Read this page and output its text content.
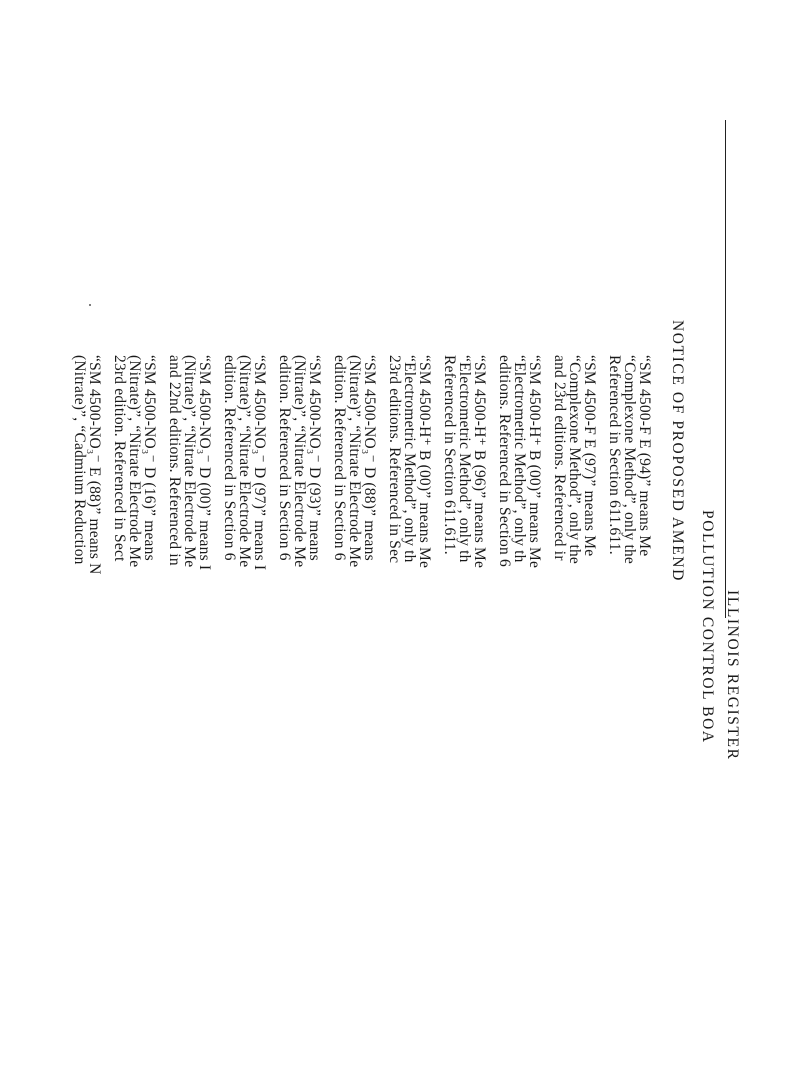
ILLINOIS REGISTER
POLLUTION CONTROL BOA
NOTICE OF PROPOSED AMEND
“SM 4500-F E (94)” means Me
“Complexone Method”, only the
Referenced in Section 611.611.
“SM 4500-F E (97)” means Me
“Complexone Method”, only the
and 23rd editions. Referenced ir
“SM 4500-H⁺ B (00)” means Me
“Electrometric Method”, only th
editions. Referenced in Section 6
“SM 4500-H⁺ B (96)” means Me
“Electrometric Method”, only th
Referenced in Section 611.611.
“SM 4500-H⁺ B (00)” means Me
“Electrometric Method”, only th
23rd editions. Referenced in Sec
“SM 4500-NO₃⁻ D (88)” means
(Nitrate)”, “Nitrate Electrode Me
edition. Referenced in Section 6
“SM 4500-NO₃⁻ D (93)” means
(Nitrate)”, “Nitrate Electrode Me
edition. Referenced in Section 6
“SM 4500-NO₃⁻ D (97)” means I
(Nitrate)”, “Nitrate Electrode Me
edition. Referenced in Section 6
“SM 4500-NO₃⁻ D (00)” means I
(Nitrate)”, “Nitrate Electrode Me
and 22nd editions. Referenced in
“SM 4500-NO₃⁻ D (16)” means
(Nitrate)”, “Nitrate Electrode Me
23rd edition. Referenced in Sect
“SM 4500-NO₃⁻ E (88)” means N
(Nitrate)”, “Cadmium Reduction
